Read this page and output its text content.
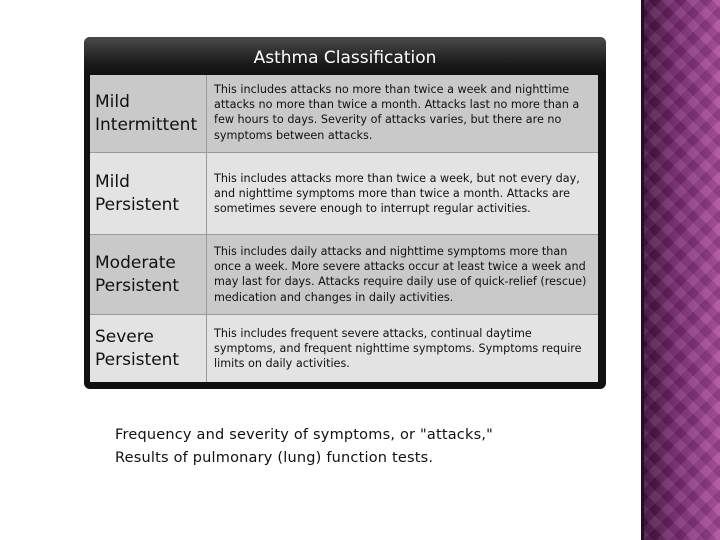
Asthma Classification
Mild
Intermittent
This includes attacks no more than twice a week and nighttime attacks no more than twice a month. Attacks last no more than a few hours to days. Severity of attacks varies, but there are no symptoms between attacks.
Mild
Persistent
This includes attacks more than twice a week, but not every day, and nighttime symptoms more than twice a month. Attacks are sometimes severe enough to interrupt regular activities.
Moderate
Persistent
This includes daily attacks and nighttime symptoms more than once a week. More severe attacks occur at least twice a week and may last for days. Attacks require daily use of quick-relief (rescue) medication and changes in daily activities.
Severe
Persistent
This includes frequent severe attacks, continual daytime symptoms, and frequent nighttime symptoms. Symptoms require limits on daily activities.
Frequency and severity of symptoms, or "attacks,"
Results of pulmonary (lung) function tests.
